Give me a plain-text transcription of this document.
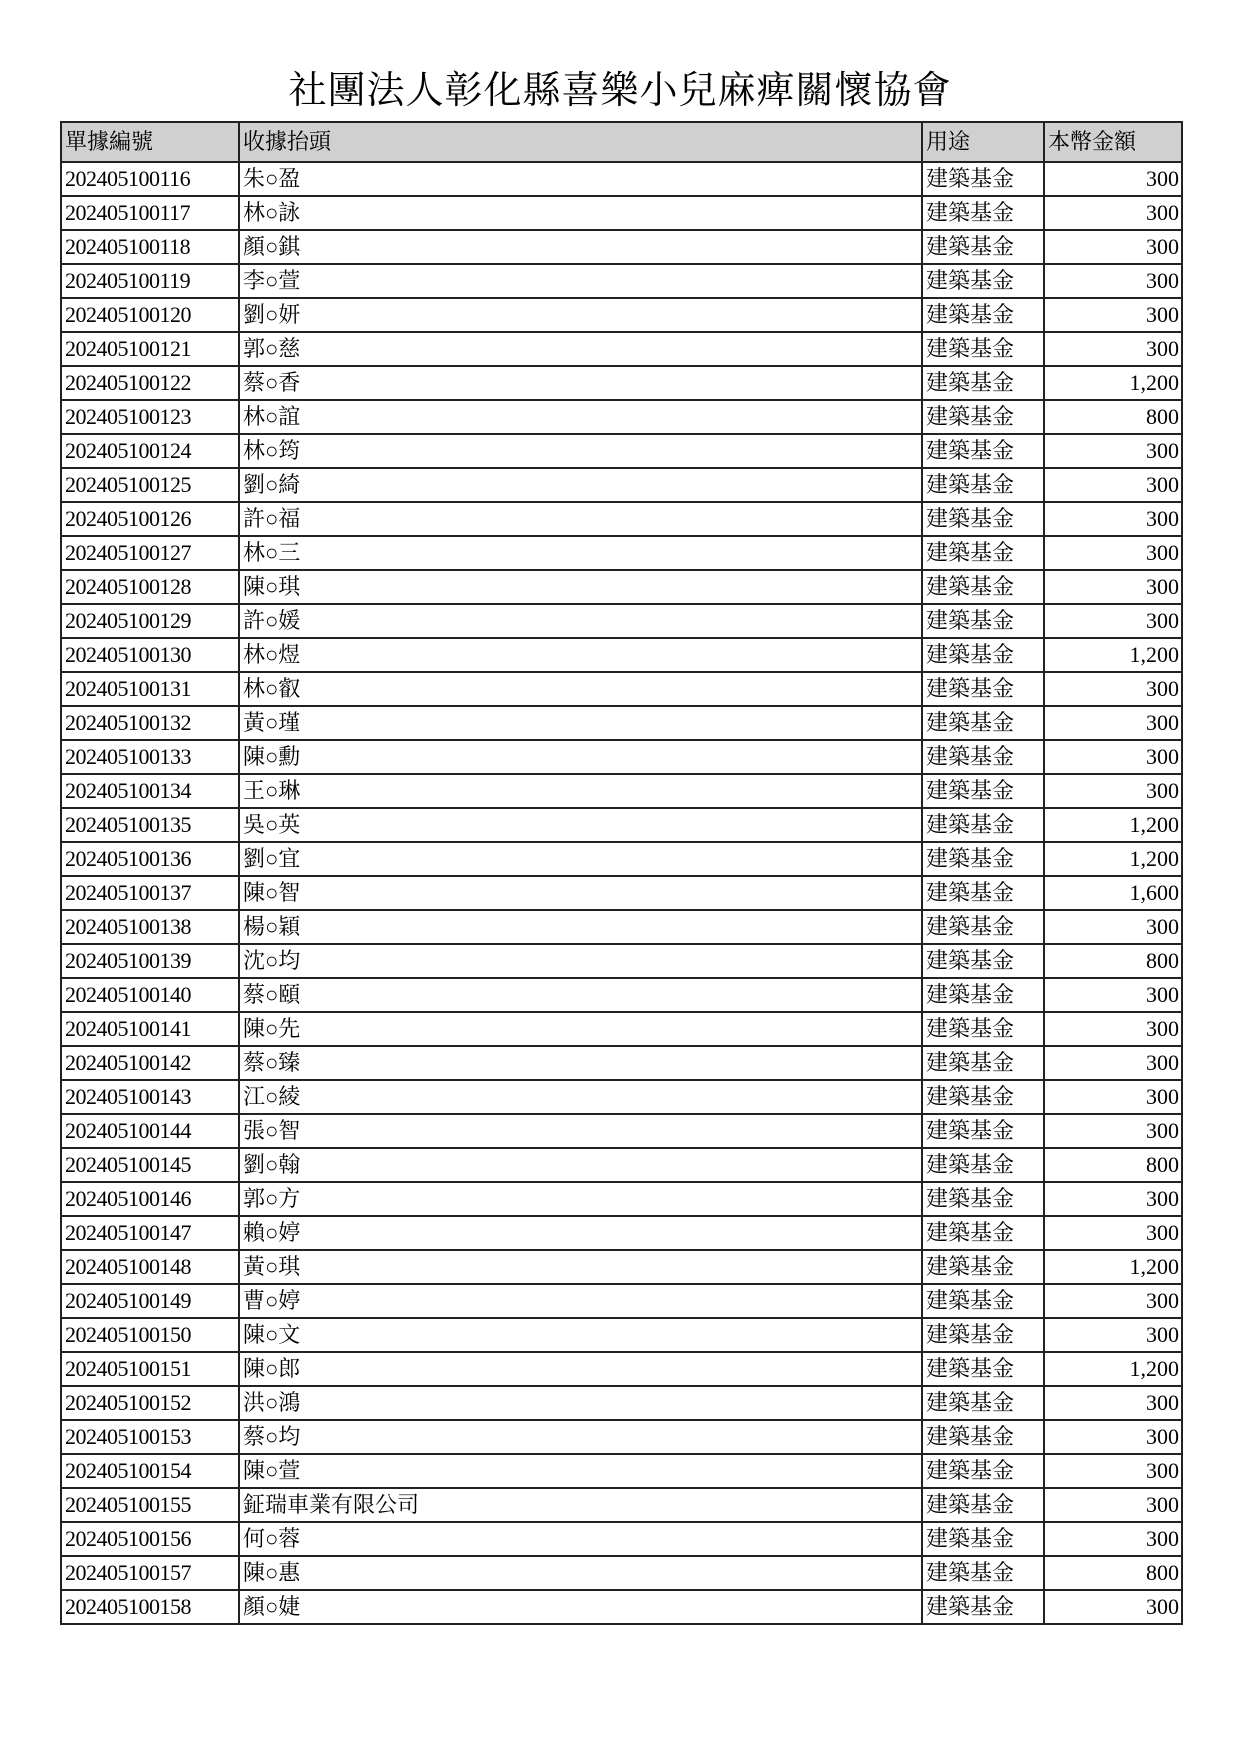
社團法人彰化縣喜樂小兒麻痺關懷協會
單據編號	收據抬頭	用途	本幣金額
202405100116	朱○盈	建築基金	300
202405100117	林○詠	建築基金	300
202405100118	顏○錤	建築基金	300
202405100119	李○萱	建築基金	300
202405100120	劉○妍	建築基金	300
202405100121	郭○慈	建築基金	300
202405100122	蔡○香	建築基金	1,200
202405100123	林○誼	建築基金	800
202405100124	林○筠	建築基金	300
202405100125	劉○綺	建築基金	300
202405100126	許○福	建築基金	300
202405100127	林○三	建築基金	300
202405100128	陳○琪	建築基金	300
202405100129	許○媛	建築基金	300
202405100130	林○煜	建築基金	1,200
202405100131	林○叡	建築基金	300
202405100132	黃○瑾	建築基金	300
202405100133	陳○勳	建築基金	300
202405100134	王○琳	建築基金	300
202405100135	吳○英	建築基金	1,200
202405100136	劉○宜	建築基金	1,200
202405100137	陳○智	建築基金	1,600
202405100138	楊○穎	建築基金	300
202405100139	沈○均	建築基金	800
202405100140	蔡○頤	建築基金	300
202405100141	陳○先	建築基金	300
202405100142	蔡○臻	建築基金	300
202405100143	江○綾	建築基金	300
202405100144	張○智	建築基金	300
202405100145	劉○翰	建築基金	800
202405100146	郭○方	建築基金	300
202405100147	賴○婷	建築基金	300
202405100148	黃○琪	建築基金	1,200
202405100149	曹○婷	建築基金	300
202405100150	陳○文	建築基金	300
202405100151	陳○郎	建築基金	1,200
202405100152	洪○鴻	建築基金	300
202405100153	蔡○均	建築基金	300
202405100154	陳○萱	建築基金	300
202405100155	鉦瑞車業有限公司	建築基金	300
202405100156	何○蓉	建築基金	300
202405100157	陳○惠	建築基金	800
202405100158	顏○婕	建築基金	300
